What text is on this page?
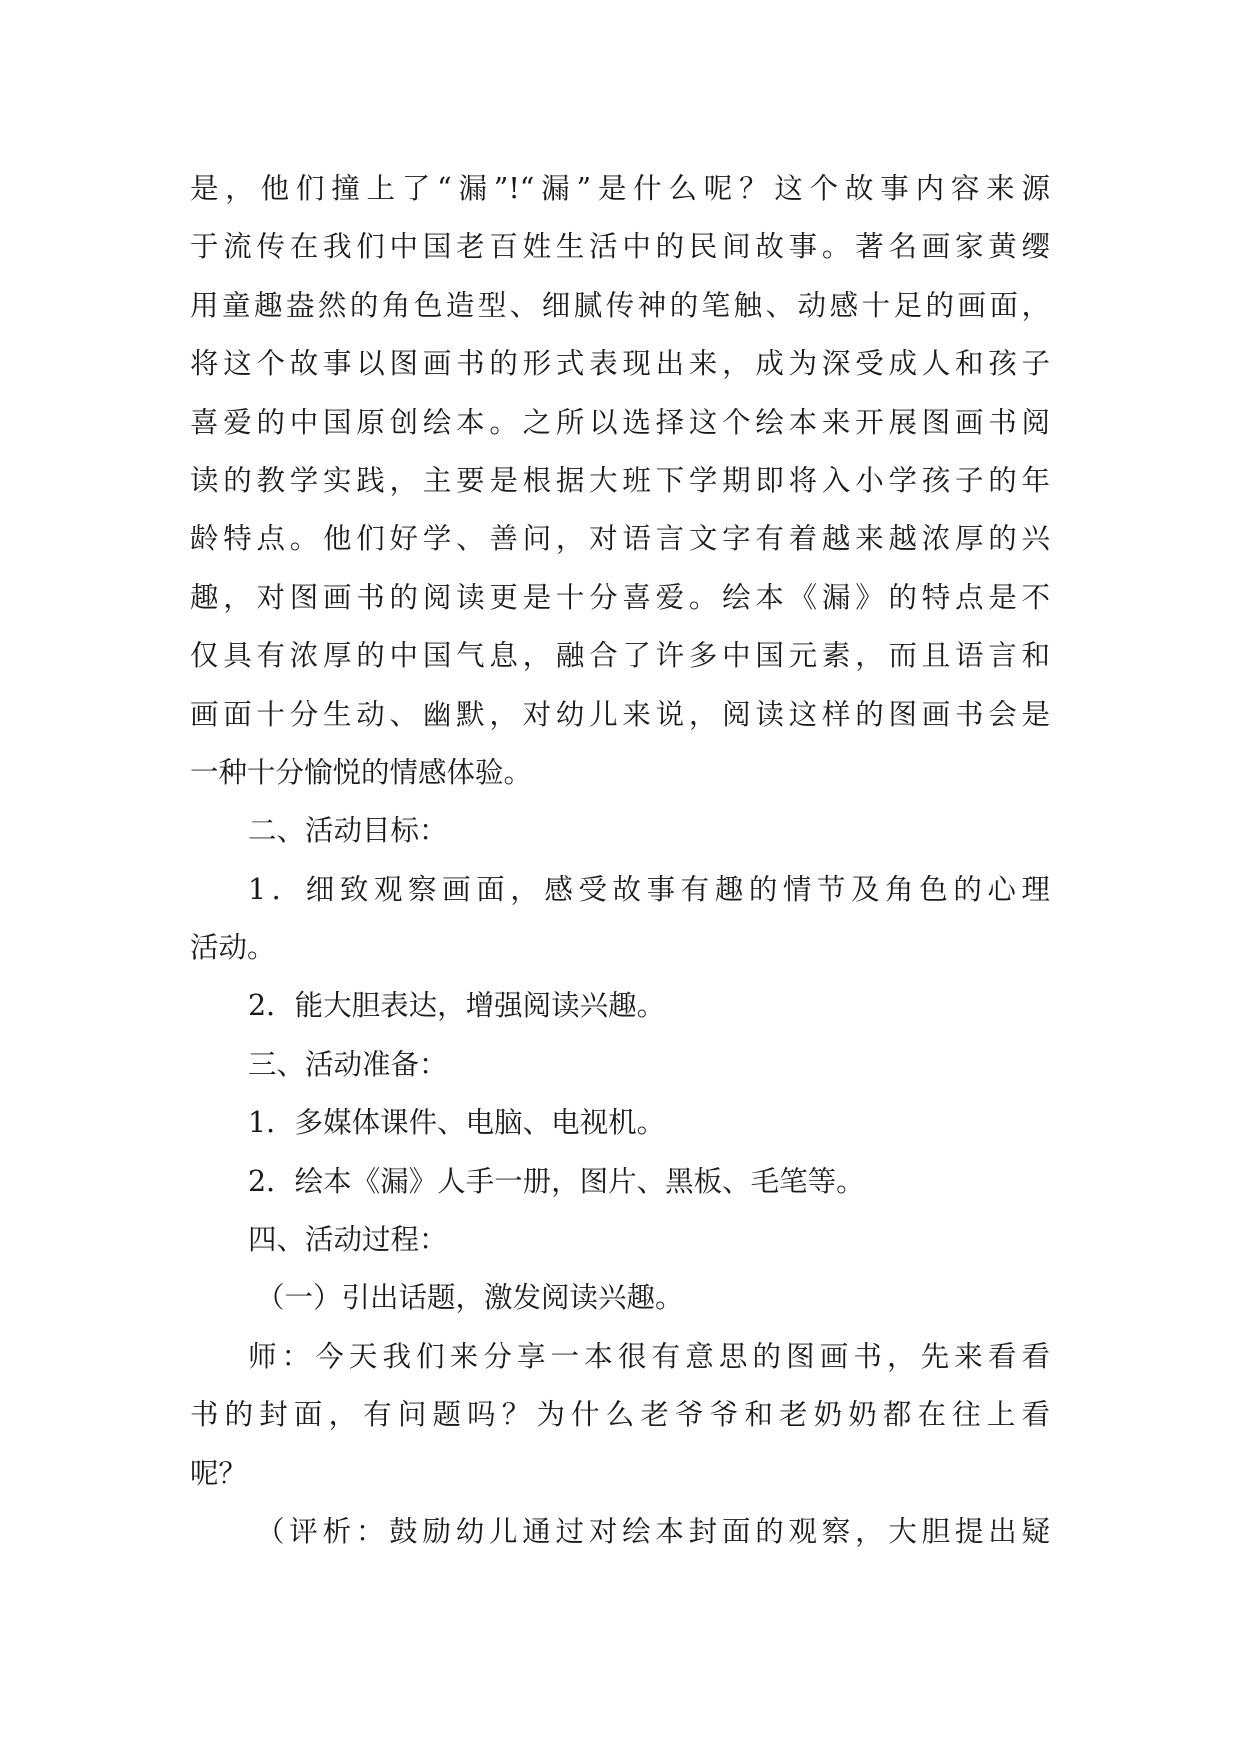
是，他们撞上了“漏”!“漏”是什么呢？这个故事内容来源
于流传在我们中国老百姓生活中的民间故事。著名画家黄缨
用童趣盎然的角色造型、细腻传神的笔触、动感十足的画面，
将这个故事以图画书的形式表现出来，成为深受成人和孩子
喜爱的中国原创绘本。之所以选择这个绘本来开展图画书阅
读的教学实践，主要是根据大班下学期即将入小学孩子的年
龄特点。他们好学、善问，对语言文字有着越来越浓厚的兴
趣，对图画书的阅读更是十分喜爱。绘本《漏》的特点是不
仅具有浓厚的中国气息，融合了许多中国元素，而且语言和
画面十分生动、幽默，对幼儿来说，阅读这样的图画书会是
一种十分愉悦的情感体验。
二、活动目标：
1．细致观察画面，感受故事有趣的情节及角色的心理
活动。
2．能大胆表达，增强阅读兴趣。
三、活动准备：
1．多媒体课件、电脑、电视机。
2．绘本《漏》人手一册，图片、黑板、毛笔等。
四、活动过程：
（一）引出话题，激发阅读兴趣。
师：今天我们来分享一本很有意思的图画书，先来看看
书的封面，有问题吗？为什么老爷爷和老奶奶都在往上看
呢？
（评析：鼓励幼儿通过对绘本封面的观察，大胆提出疑
